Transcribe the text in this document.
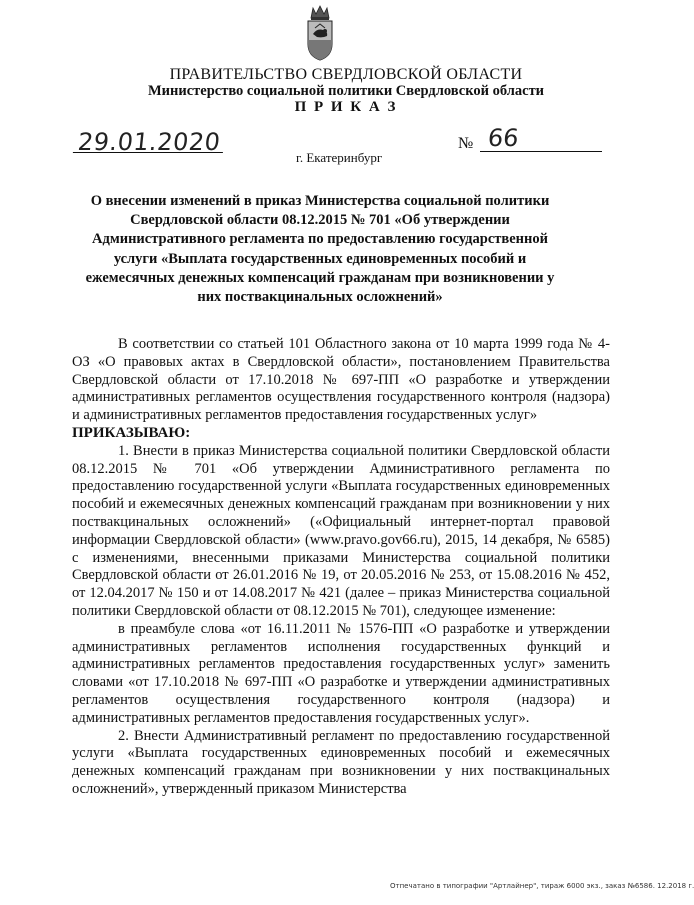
ПРАВИТЕЛЬСТВО СВЕРДЛОВСКОЙ ОБЛАСТИ
Министерство социальной политики Свердловской области
П Р И К А З
29.01.2020	№ 66
г. Екатеринбург
О внесении изменений в приказ Министерства социальной политики Свердловской области 08.12.2015 № 701 «Об утверждении Административного регламента по предоставлению государственной услуги «Выплата государственных единовременных пособий и ежемесячных денежных компенсаций гражданам при возникновении у них поствакцинальных осложнений»

В соответствии со статьей 101 Областного закона от 10 марта 1999 года № 4-ОЗ «О правовых актах в Свердловской области», постановлением Правительства Свердловской области от 17.10.2018 № 697-ПП «О разработке и утверждении административных регламентов осуществления государственного контроля (надзора) и административных регламентов предоставления государственных услуг»

ПРИКАЗЫВАЮ:

1. Внести в приказ Министерства социальной политики Свердловской области 08.12.2015 № 701 «Об утверждении Административного регламента по предоставлению государственной услуги «Выплата государственных единовременных пособий и ежемесячных денежных компенсаций гражданам при возникновении у них поствакцинальных осложнений» («Официальный интернет-портал правовой информации Свердловской области» (www.pravo.gov66.ru), 2015, 14 декабря, № 6585) с изменениями, внесенными приказами Министерства социальной политики Свердловской области от 26.01.2016 № 19, от 20.05.2016 № 253, от 15.08.2016 № 452, от 12.04.2017 № 150 и от 14.08.2017 № 421 (далее – приказ Министерства социальной политики Свердловской области от 08.12.2015 № 701), следующее изменение:

в преамбуле слова «от 16.11.2011 № 1576-ПП «О разработке и утверждении административных регламентов исполнения государственных функций и административных регламентов предоставления государственных услуг» заменить словами «от 17.10.2018 № 697-ПП «О разработке и утверждении административных регламентов осуществления государственного контроля (надзора) и административных регламентов предоставления государственных услуг».

2. Внести Административный регламент по предоставлению государственной услуги «Выплата государственных единовременных пособий и ежемесячных денежных компенсаций гражданам при возникновении у них поствакцинальных осложнений», утвержденный приказом Министерства

Отпечатано в типографии "Артлайнер", тираж 6000 экз., заказ №6586. 12.2018 г.
